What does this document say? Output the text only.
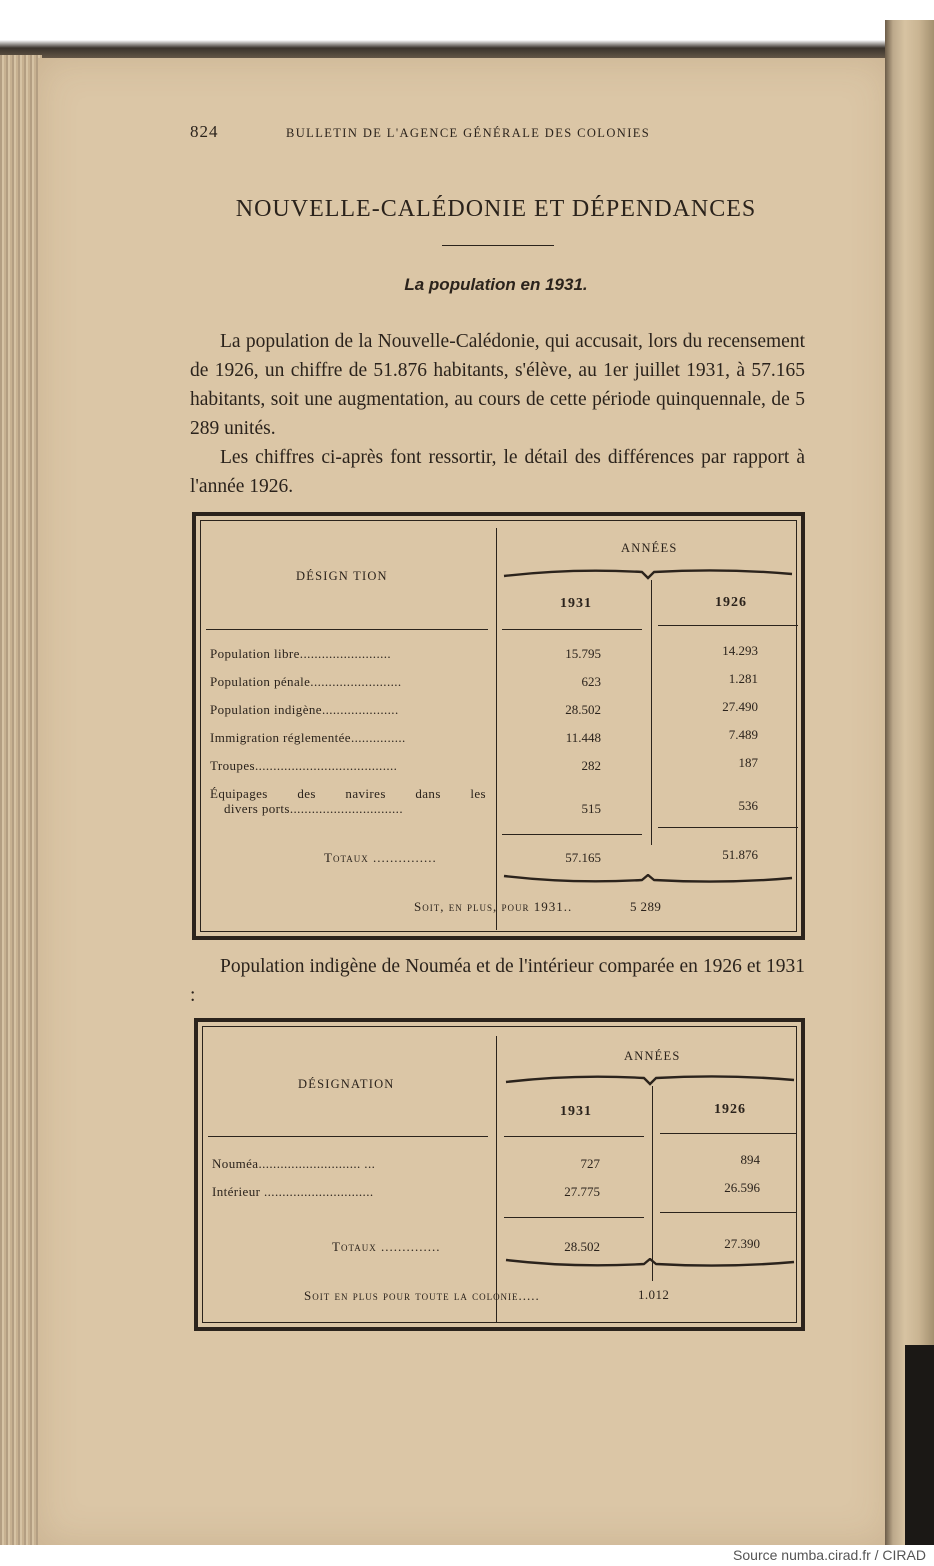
824	BULLETIN DE L'AGENCE GÉNÉRALE DES COLONIES
NOUVELLE-CALÉDONIE ET DÉPENDANCES
La population en 1931.

La population de la Nouvelle-Calédonie, qui accusait, lors du recensement de 1926, un chiffre de 51.876 habitants, s'élève, au 1er juillet 1931, à 57.165 habitants, soit une augmentation, au cours de cette période quinquennale, de 5 289 unités.

Les chiffres ci-après font ressortir, le détail des différences par rapport à l'année 1926.

DÉSIGN TION
ANNÉES
1931	1926
Population libre.........................	15.795	14.293
Population pénale.........................	623	1.281
Population indigène.....................	28.502	27.490
Immigration réglementée...............	11.448	7.489
Troupes.......................................	282	187
Équipages des navires dans les
divers ports...............................	515	536
Totaux ...............	57.165	51.876
Soit, en plus, pour 1931..	5 289

Population indigène de Nouméa et de l'intérieur comparée en 1926 et 1931 :

DÉSIGNATION
ANNÉES
1931	1926
Nouméa............................ ...	727	894
Intérieur ..............................	27.775	26.596
Totaux ..............	28.502	27.390
Soit en plus pour toute la colonie.....	1.012
Source numba.cirad.fr / CIRAD
